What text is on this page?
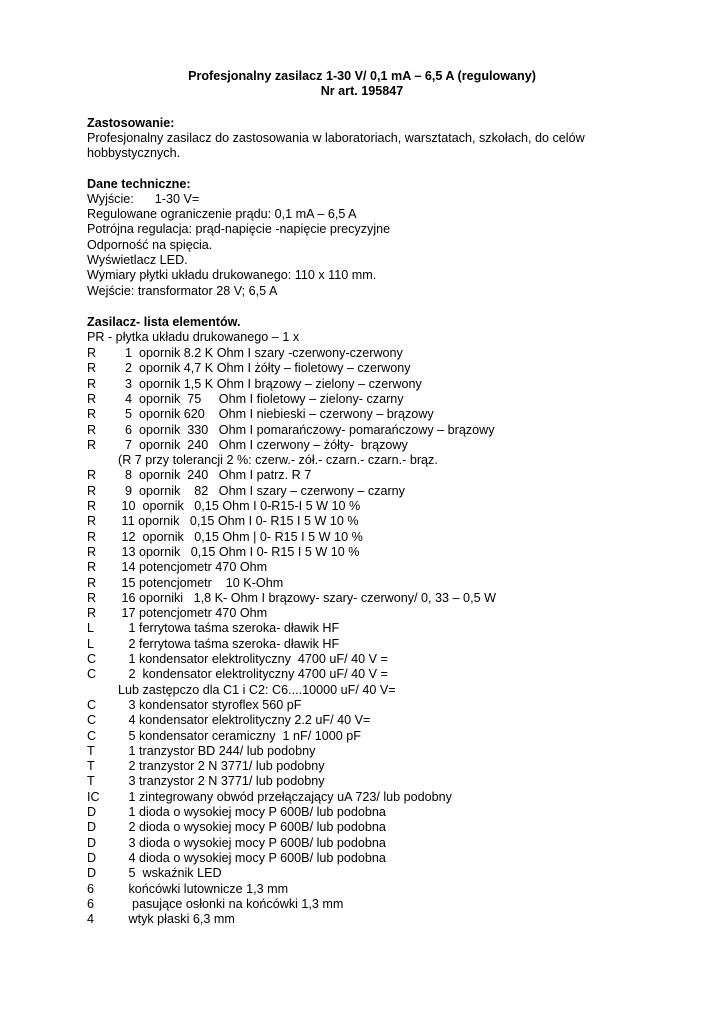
Profesjonalny zasilacz 1-30 V/ 0,1 mA – 6,5 A (regulowany)
Nr art. 195847
Zastosowanie:
Profesjonalny zasilacz do zastosowania w laboratoriach, warsztatach, szkołach, do celów
hobbystycznych.
Dane techniczne:
Wyjście:      1-30 V=
Regulowane ograniczenie prądu: 0,1 mA – 6,5 A
Potrójna regulacja: prąd-napięcie -napięcie precyzyjne
Odporność na spięcia.
Wyświetlacz LED.
Wymiary płytki układu drukowanego: 110 x 110 mm.
Wejście: transformator 28 V; 6,5 A
Zasilacz- lista elementów.
PR - płytka układu drukowanego – 1 x
R 1  opornik 8.2 K Ohm I szary -czerwony-czerwony
R 2  opornik 4,7 K Ohm I żółty – fioletowy – czerwony
R 3  opornik 1,5 K Ohm I brązowy – zielony – czerwony
R 4  opornik  75     Ohm I fioletowy – zielony- czarny
R 5  opornik 620    Ohm I niebieski – czerwony – brązowy
R 6  opornik  330   Ohm I pomarańczowy- pomarańczowy – brązowy
R 7  opornik  240   Ohm I czerwony – żółty-  brązowy
(R 7 przy tolerancji 2 %: czerw.- zół.- czarn.- czarn.- brąz.
R 8  opornik  240   Ohm I patrz. R 7
R 9  opornik    82   Ohm I szary – czerwony – czarny
R 10  opornik   0,15 Ohm I 0-R15-I 5 W 10 %
R 11 opornik   0,15 Ohm I 0- R15 I 5 W 10 %
R 12  opornik   0,15 Ohm | 0- R15 I 5 W 10 %
R 13 opornik   0,15 Ohm I 0- R15 I 5 W 10 %
R 14 potencjometr 470 Ohm
R 15 potencjometr    10 K-Ohm
R 16 oporniki   1,8 K- Ohm I brązowy- szary- czerwony/ 0, 33 – 0,5 W
R 17 potencjometr 470 Ohm
L 1 ferrytowa taśma szeroka- dławik HF
L 2 ferrytowa taśma szeroka- dławik HF
C 1 kondensator elektrolityczny  4700 uF/ 40 V =
C 2  kondensator elektrolityczny 4700 uF/ 40 V =
Lub zastępczo dla C1 i C2: C6....10000 uF/ 40 V=
C 3 kondensator styroflex 560 pF
C 4 kondensator elektrolityczny 2.2 uF/ 40 V=
C 5 kondensator ceramiczny  1 nF/ 1000 pF
T 1 tranzystor BD 244/ lub podobny
T 2 tranzystor 2 N 3771/ lub podobny
T 3 tranzystor 2 N 3771/ lub podobny
IC 1 zintegrowany obwód przełączający uA 723/ lub podobny
D 1 dioda o wysokiej mocy P 600B/ lub podobna
D 2 dioda o wysokiej mocy P 600B/ lub podobna
D 3 dioda o wysokiej mocy P 600B/ lub podobna
D 4 dioda o wysokiej mocy P 600B/ lub podobna
D 5  wskaźnik LED
6 końcówki lutownicze 1,3 mm
6 pasujące osłonki na końcówki 1,3 mm
4 wtyk płaski 6,3 mm
